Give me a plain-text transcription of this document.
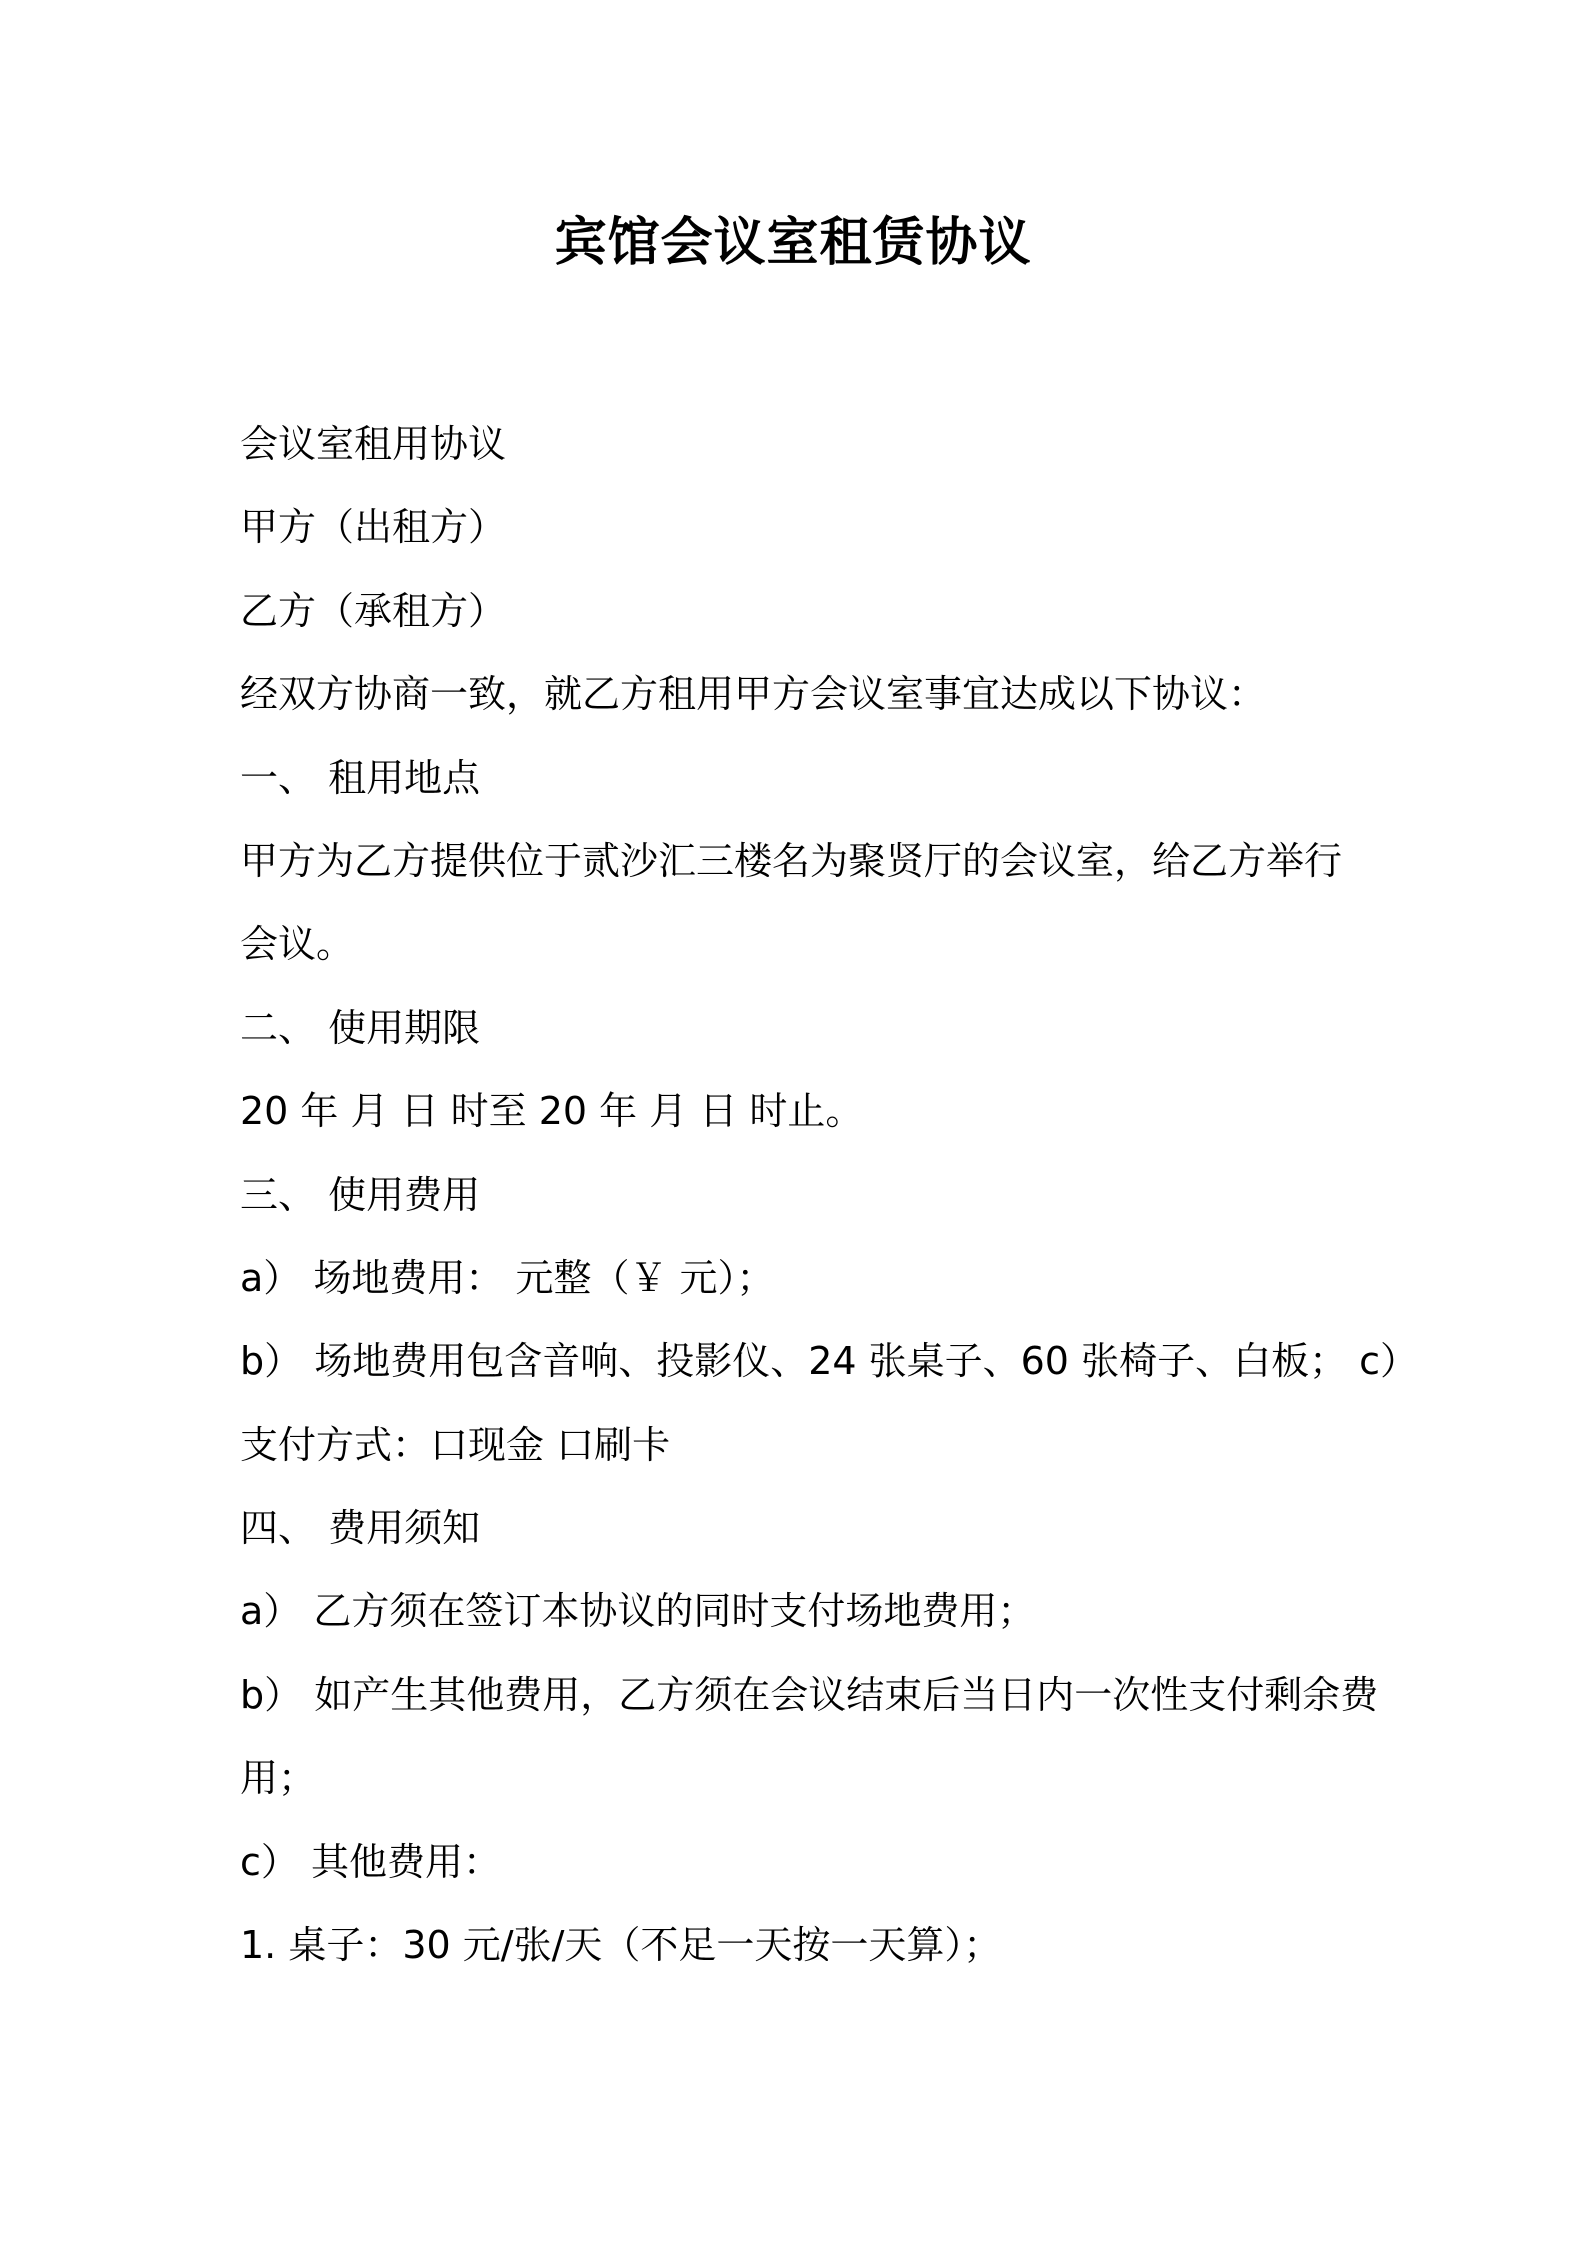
宾馆会议室租赁协议
会议室租用协议
甲方（出租方）
乙方（承租方）
经双方协商一致，就乙方租用甲方会议室事宜达成以下协议：
一、 租用地点
甲方为乙方提供位于贰沙汇三楼名为聚贤厅的会议室，给乙方举行
会议。
二、 使用期限
20 年 月 日 时至 20 年 月 日 时止。
三、 使用费用
a） 场地费用： 元整（￥ 元）；
b） 场地费用包含音响、投影仪、24 张桌子、60 张椅子、白板； c）
支付方式：口现金 口刷卡
四、 费用须知
a） 乙方须在签订本协议的同时支付场地费用；
b） 如产生其他费用，乙方须在会议结束后当日内一次性支付剩余费
用；
c） 其他费用：
1. 桌子：30 元/张/天（不足一天按一天算）；
